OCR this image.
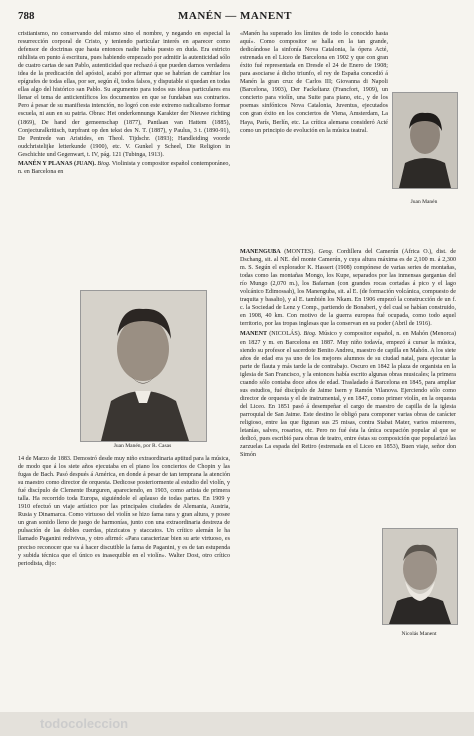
788	MANÉN — MANENT

cristianismo, no conservando del mismo sino el nombre, y negando en especial la resurrección corporal de Cristo, y teniendo particular interés en aparecer como defensor de doctrinas que hasta entonces nadie había puesto en duda. Era estricto nihilista en punto á escritura, pues habiendo empezado por admitir la autenticidad sólo de cuatro cartas de san Pablo, autenticidad que rechazó á que pueden darnos verdadera idea de la predicación del apóstol, acabó por afirmar que se habrían de cambiar los epígrafes de todas ellas, por ser, según él, todos falsos, y disputable si quedan en todas ellas algo del histórico san Pablo. Su argumento para todos sus ideas particulares era llenar el tema de anticientíficos los documentos en que se fundaban sus contrarios. Pero á pesar de su manifiesta intención, no logró con este extremo radicalismo formar escuela, ni aun en su patria. Obras: Het onderkennungs Karakter der Nieuwe richting (1869), De hand der gemeenschap (1877), Pantlaan van Hattem (1885), Conjecturalkritisch, turpfrant op den tekst des N. T. (1887), y Paulus, 3 t. (1890-91), De Pentrede van Aristides, en Theol. Tijdschr. (1893); Handleiding voorde oudchristelijke letterkunde (1900), etc. V. Gunkel y Scheel, Die Religion in Geschichte und Gegenwart, t. IV, pág. 121 (Tubinga, 1913).

MANÉN Y PLANAS (JUAN). Biog. Violinista y compositor español contemporáneo, n. en Barcelona en

Juan Manén, por R. Casas

14 de Marzo de 1883. Demostró desde muy niño extraordinaria aptitud para la música, de modo que á los siete años ejecutaba en el piano los conciertos de Chopin y las fugas de Bach. Pasó después á América, en donde á pesar de tan temprana la atención su maestro como director de orquesta. Dedicose posteriormente al estudio del violín, y fué discípulo de Clemente Iburguren, apareciendo, en 1903, como artista de primera talla. Ha recorrido toda Europa, siguiéndole el aplauso de todas partes. En 1909 y 1910 efectuó un viaje artístico por las principales ciudades de Alemania, Austria, Rusia y Dinamarca. Como virtuoso del violín se hizo fama rara y gran altura, y posee un gran sonido lleno de juego de harmonías, junto con una extraordinaria destreza de pulsación de las dobles cuerdas, pizzicatos y staccatos. Un crítico alemán le ha llamado Paganini redivivus, y otro afirmó: «Para caracterizar bien su arte virtuoso, es preciso reconocer que va á hacer discutible la fama de Paganini, y es de tan estupenda y subida técnica que el único es inasequible en el violín». Walter Dost, otro crítico periodista, dijo:

«Manén ha superado los límites de todo lo conocido hasta aquí». Como compositor se halla en la tan grande, dedicándose la sinfonía Nova Catalonia, la ópera Acté, estrenada en el Liceo de Barcelona en 1902 y que con gran éxito fué representada en Dresde el 24 de Enero de 1908; para asociarse á dicho triunfo, el rey de España concedió á Manén la gran cruz de Carlos III; Giovanna di Napoli (Barcelona, 1903), Der Fackeltanz (Francfort, 1909), un concierto para violín, una Suite para piano, etc., y de los poemas sinfónicos Nova Catalonia, Juventus, ejecutados con gran éxito en los conciertos de Viena, Amsterdam, La Haya, París, Berlín, etc. La crítica alemana consideró Acté como un principio de evolución en la música teatral.

Juan Manén

MANENGUBA (MONTES). Geog. Cordillera del Camerún (África O.), dist. de Dschang, sit. al NE. del monte Camerún, y cuya altura máxima es de 2,100 m. á 2,300 m. S. Según el explorador K. Hassert (1908) compónese de varias series de montañas, todas como las montañas Mongo, los Kupe, separados por las inmensas gargantas del río Mungo (2,070 m.), los Bafarnan (con grandes rocas cortadas á pico y el lago volcánico Edimossah), los Manenguba, sit. al E. (de formación volcánica, compuesto de traquita y basalto), y al E. también los Nkam. En 1906 empezó la construcción de un f. c. la Sociedad de Lenz y Comp., partiendo de Bonaberi, y del cual se habían construido, en 1908, 40 km. Con motivo de la guerra europea fué ocupada, como todo aquel territorio, por las tropas inglesas que la conservan en su poder (Abril de 1916).

MANENT (NICOLÁS). Biog. Músico y compositor español, n. en Mahón (Menorca) en 1827 y m. en Barcelona en 1887. Muy niño todavía, empezó á cursar la música, siendo su profesor el sacerdote Benito Andreu, maestro de capilla en Mahón. A los siete años de edad era ya uno de los mejores alumnos de su ciudad natal, para ejecutar la parte de flauta y más tarde la de contrabajo. Oscuro en 1842 la plaza de organista en la iglesia de San Francisco, y la entonces había escrito algunas obras musicales; la primera cuando sólo contaba doce años de edad. Trasladado á Barcelona en 1845, para ampliar sus estudios, fué discípulo de Jaime Isern y Ramón Vilanova. Ejerciendo sólo como director de orquesta y el de instrumental, y en 1847, como primer violín, en la orquesta del Liceo. En 1851 pasó á desempeñar el cargo de maestro de capilla de la iglesia parroquial de San Jaime. Este destino le obligó para componer varias obras de carácter religioso, entre las que figuran sus 25 misas, contra Stabat Mater, varios misereres, letanías, salves, rosarios, etc. Pero no fué ésta la única ocupación popular al que se dedicó, pues escribió para obras de teatro, entre éstas su composición que popularizó las zarzuelas La espada del Retiro (estrenada en el Liceo en 1853), Buen viaje, señor don Simón

Nicolás Manent
todocoleccion
